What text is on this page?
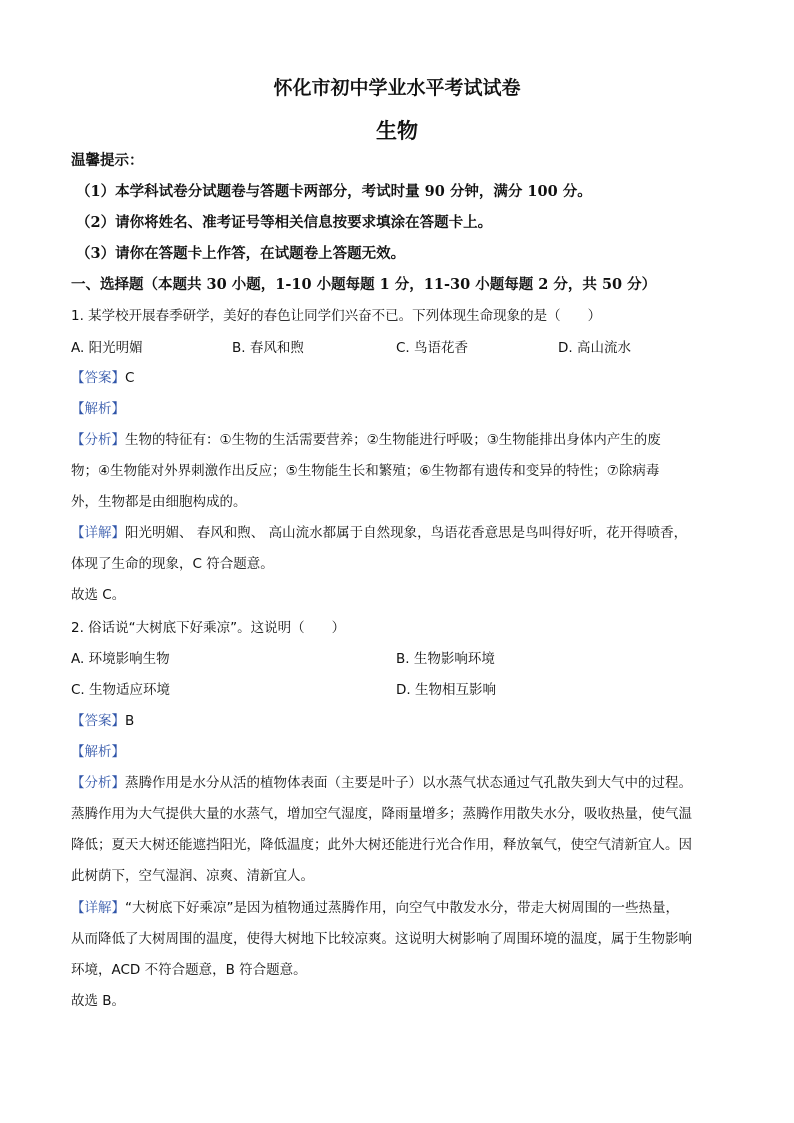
怀化市初中学业水平考试试卷
生物
温馨提示：
（1）本学科试卷分试题卷与答题卡两部分，考试时量 90 分钟，满分 100 分。
（2）请你将姓名、准考证号等相关信息按要求填涂在答题卡上。
（3）请你在答题卡上作答，在试题卷上答题无效。
一、选择题（本题共 30 小题，1-10 小题每题 1 分，11-30 小题每题 2 分，共 50 分）
1. 某学校开展春季研学，美好的春色让同学们兴奋不已。下列体现生命现象的是（　　）
A. 阳光明媚	B. 春风和煦	C. 鸟语花香	D. 高山流水
【答案】C
【解析】
【分析】生物的特征有：①生物的生活需要营养；②生物能进行呼吸；③生物能排出身体内产生的废
物；④生物能对外界刺激作出反应；⑤生物能生长和繁殖；⑥生物都有遗传和变异的特性；⑦除病毒
外，生物都是由细胞构成的。
【详解】阳光明媚、 春风和煦、 高山流水都属于自然现象，鸟语花香意思是鸟叫得好听，花开得喷香，
体现了生命的现象，C 符合题意。
故选 C。
2. 俗话说“大树底下好乘凉”。这说明（　　）
A. 环境影响生物	B. 生物影响环境
C. 生物适应环境	D. 生物相互影响
【答案】B
【解析】
【分析】蒸腾作用是水分从活的植物体表面（主要是叶子）以水蒸气状态通过气孔散失到大气中的过程。
蒸腾作用为大气提供大量的水蒸气，增加空气湿度，降雨量增多；蒸腾作用散失水分，吸收热量，使气温
降低；夏天大树还能遮挡阳光，降低温度；此外大树还能进行光合作用，释放氧气，使空气清新宜人。因
此树荫下，空气湿润、凉爽、清新宜人。
【详解】“大树底下好乘凉”是因为植物通过蒸腾作用，向空气中散发水分，带走大树周围的一些热量，
从而降低了大树周围的温度，使得大树地下比较凉爽。这说明大树影响了周围环境的温度，属于生物影响
环境，ACD 不符合题意，B 符合题意。
故选 B。
